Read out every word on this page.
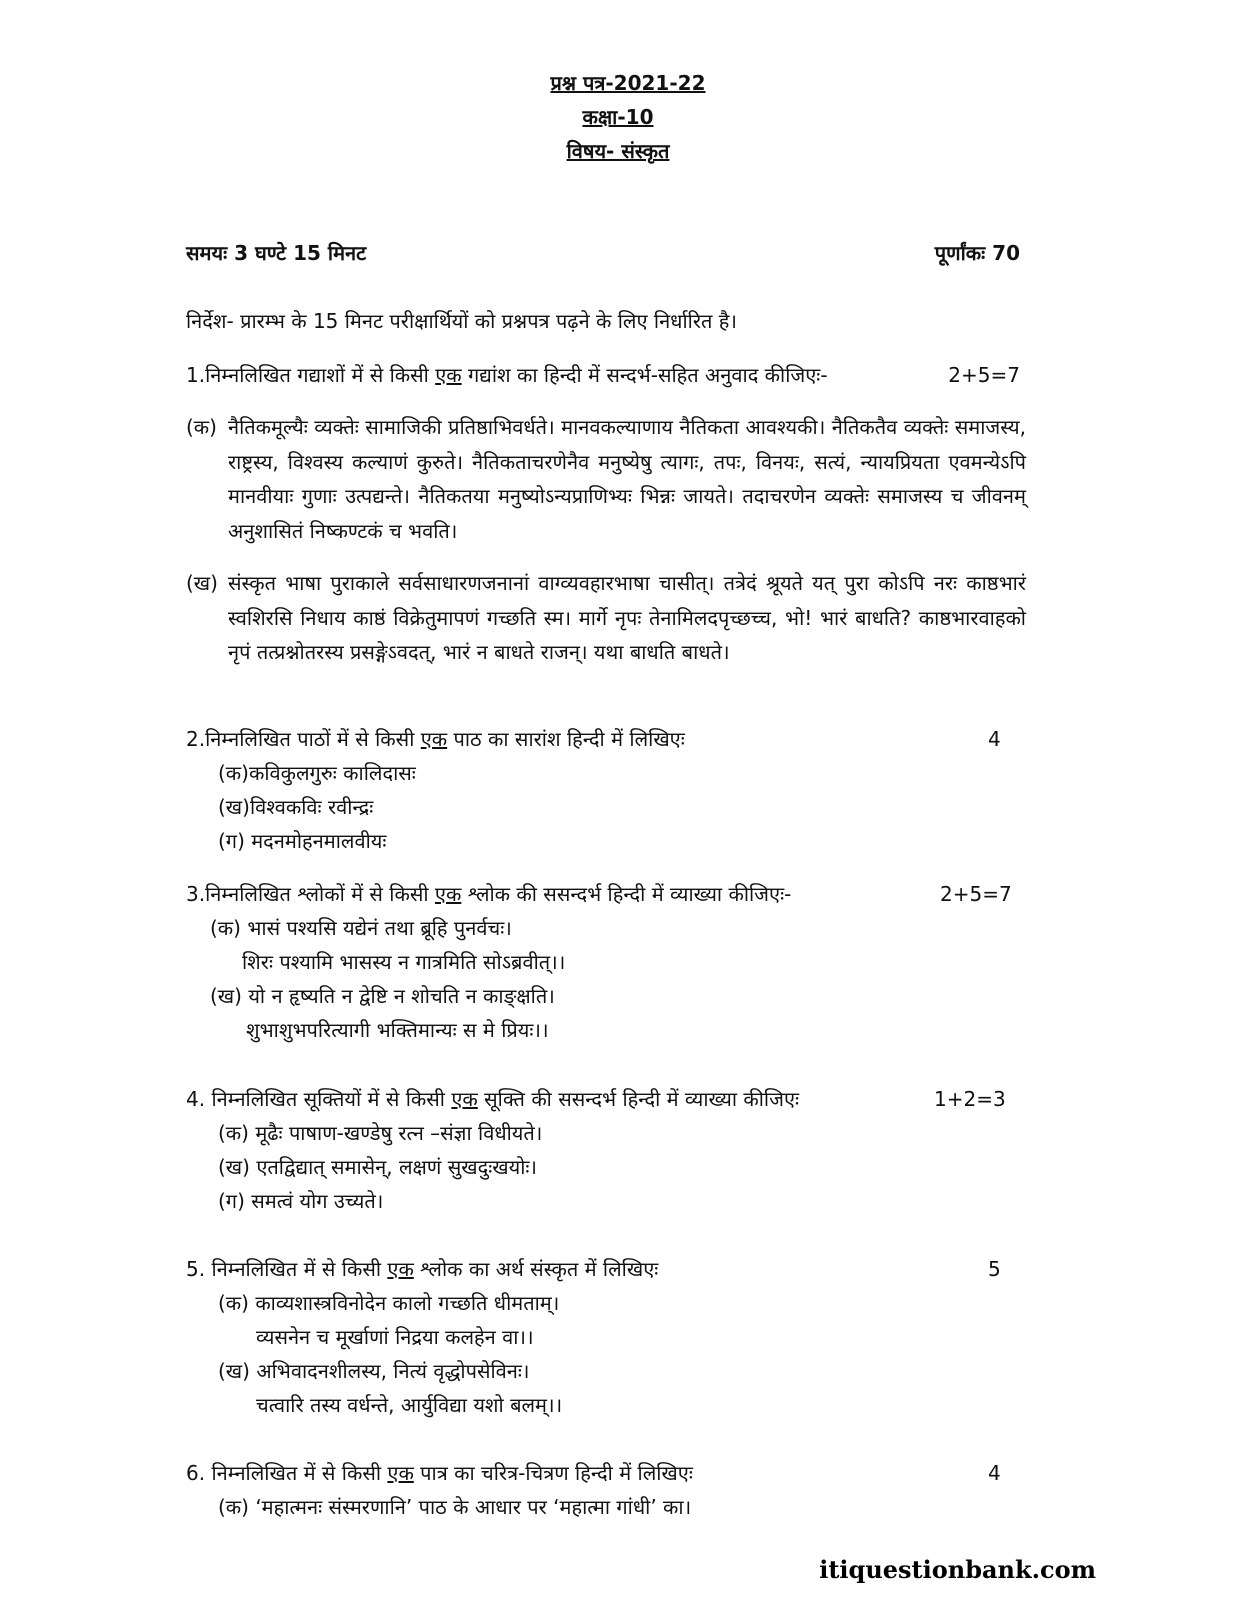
प्रश्न पत्र-2021-22
कक्षा-10
विषय- संस्कृत
समयः 3 घण्टे 15 मिनट	पूर्णांकः 70
निर्देश- प्रारम्भ के 15 मिनट परीक्षार्थियों को प्रश्नपत्र पढ़ने के लिए निर्धारित है।
1.निम्नलिखित गद्याशों में से किसी एक गद्यांश का हिन्दी में सन्दर्भ-सहित अनुवाद कीजिएः-	2+5=7
(क) नैतिकमूल्यैः व्यक्तेः सामाजिकी प्रतिष्ठाभिवर्धते। मानवकल्याणाय नैतिकता आवश्यकी। नैतिकतैव व्यक्तेः समाजस्य, राष्ट्रस्य, विश्वस्य कल्याणं कुरुते। नैतिकताचरणेनैव मनुष्येषु त्यागः, तपः, विनयः, सत्यं, न्यायप्रियता एवमन्येऽपि मानवीयाः गुणाः उत्पद्यन्ते। नैतिकतया मनुष्योऽन्यप्राणिभ्यः भिन्नः जायते। तदाचरणेन व्यक्तेः समाजस्य च जीवनम् अनुशासितं निष्कण्टकं च भवति।
(ख) संस्कृत भाषा पुराकाले सर्वसाधारणजनानां वाग्व्यवहारभाषा चासीत्। तत्रेदं श्रूयते यत् पुरा कोऽपि नरः काष्ठभारं स्वशिरसि निधाय काष्ठं विक्रेतुमापणं गच्छति स्म। मार्गे नृपः तेनामिलदपृच्छच्च, भो! भारं बाधति? काष्ठभारवाहको नृपं तत्प्रश्नोतरस्य प्रसङ्गेऽवदत्, भारं न बाधते राजन्। यथा बाधति बाधते।
2.निम्नलिखित पाठों में से किसी एक पाठ का सारांश हिन्दी में लिखिएः	4
(क)कविकुलगुरुः कालिदासः
(ख)विश्वकविः रवीन्द्रः
(ग) मदनमोहनमालवीयः
3.निम्नलिखित श्लोकों में से किसी एक श्लोक की ससन्दर्भ हिन्दी में व्याख्या कीजिएः-	2+5=7
(क) भासं पश्यसि यद्येनं तथा ब्रूहि पुनर्वचः।
शिरः पश्यामि भासस्य न गात्रमिति सोऽब्रवीत्।।
(ख) यो न हृष्यति न द्वेष्टि न शोचति न काङ्क्षति।
शुभाशुभपरित्यागी भक्तिमान्यः स मे प्रियः।।
4. निम्नलिखित सूक्तियों में से किसी एक सूक्ति की ससन्दर्भ हिन्दी में व्याख्या कीजिएः	1+2=3
(क) मूढैः पाषाण-खण्डेषु रत्न –संज्ञा विधीयते।
(ख) एतद्विद्यात् समासेन्, लक्षणं सुखदुःखयोः।
(ग) समत्वं योग उच्यते।
5. निम्नलिखित में से किसी एक श्लोक का अर्थ संस्कृत में लिखिएः	5
(क) काव्यशास्त्रविनोदेन कालो गच्छति धीमताम्।
व्यसनेन च मूर्खाणां निद्रया कलहेन वा।।
(ख) अभिवादनशीलस्य, नित्यं वृद्धोपसेविनः।
चत्वारि तस्य वर्धन्ते, आर्युविद्या यशो बलम्।।
6. निम्नलिखित में से किसी एक पात्र का चरित्र-चित्रण हिन्दी में लिखिएः	4
(क) ‘महात्मनः संस्मरणानि’ पाठ के आधार पर ‘महात्मा गांधी’ का।
itiquestionbank.com
